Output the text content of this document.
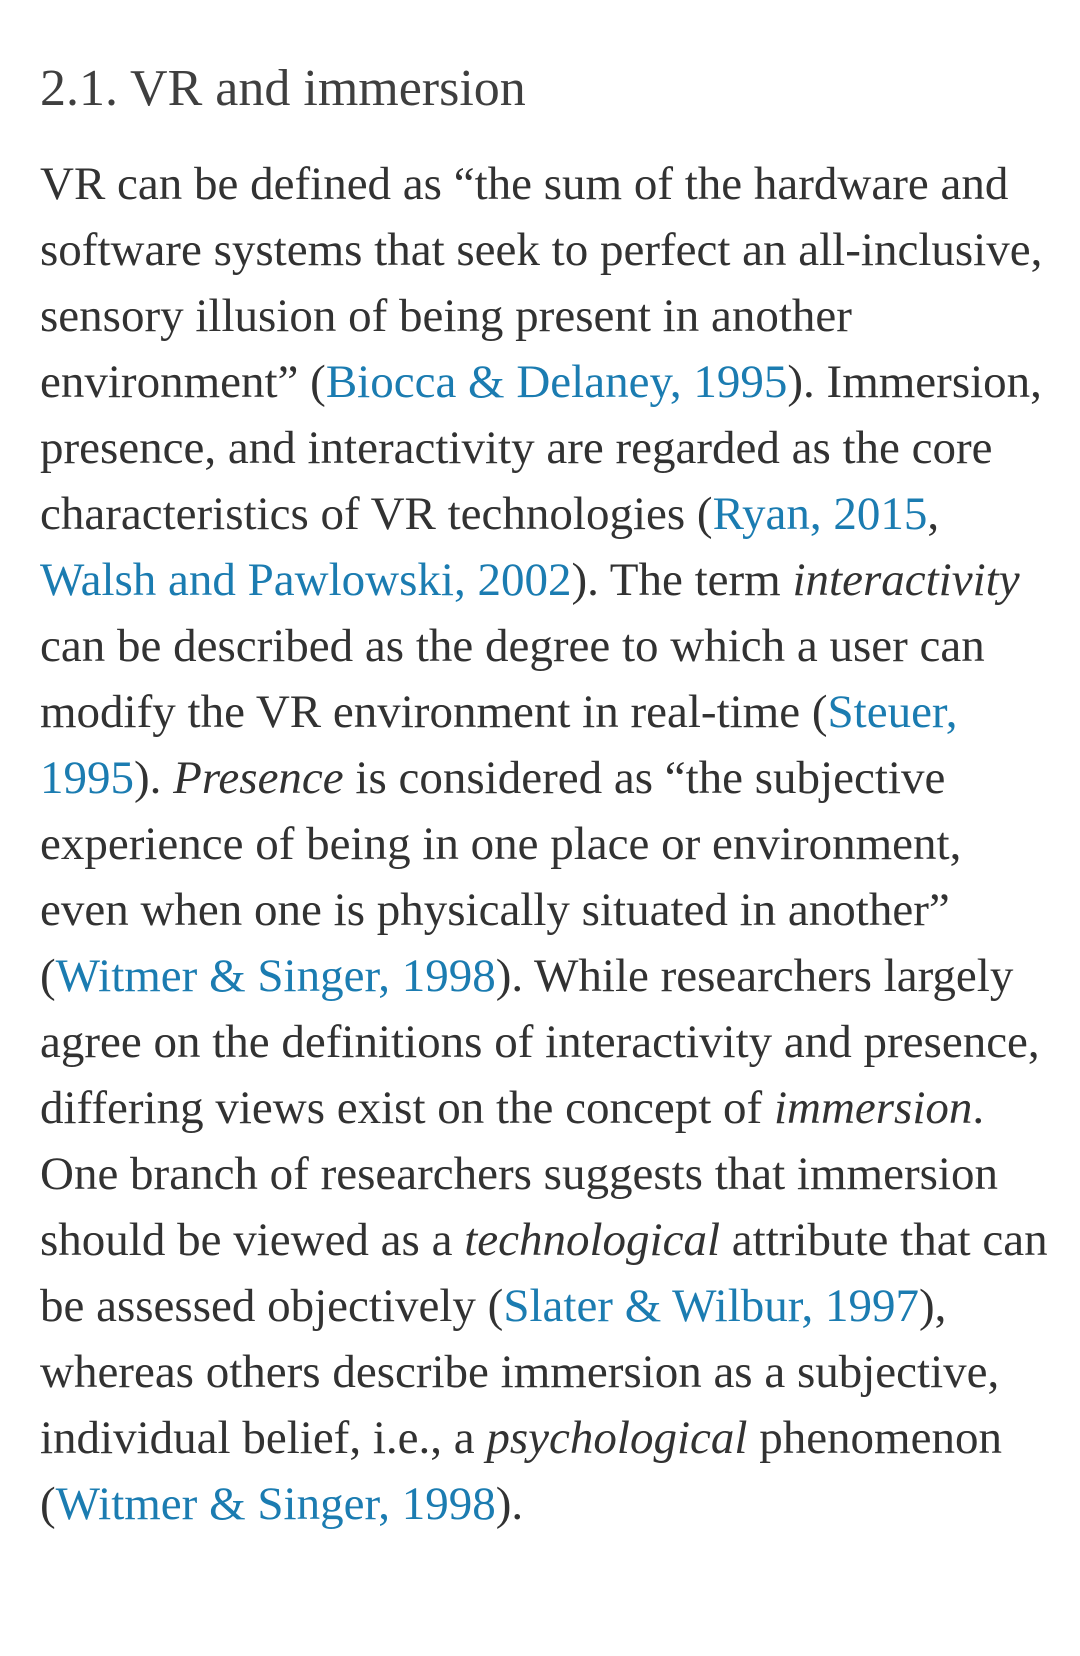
2.1. VR and immersion

VR can be defined as “the sum of the hardware and software systems that seek to perfect an all-inclusive, sensory illusion of being present in another environment” (Biocca & Delaney, 1995). Immersion, presence, and interactivity are regarded as the core characteristics of VR technologies (Ryan, 2015, Walsh and Pawlowski, 2002). The term interactivity can be described as the degree to which a user can modify the VR environment in real-time (Steuer, 1995). Presence is considered as “the subjective experience of being in one place or environment, even when one is physically situated in another” (Witmer & Singer, 1998). While researchers largely agree on the definitions of interactivity and presence, differing views exist on the concept of immersion. One branch of researchers suggests that immersion should be viewed as a technological attribute that can be assessed objectively (Slater & Wilbur, 1997), whereas others describe immersion as a subjective, individual belief, i.e., a psychological phenomenon (Witmer & Singer, 1998).
